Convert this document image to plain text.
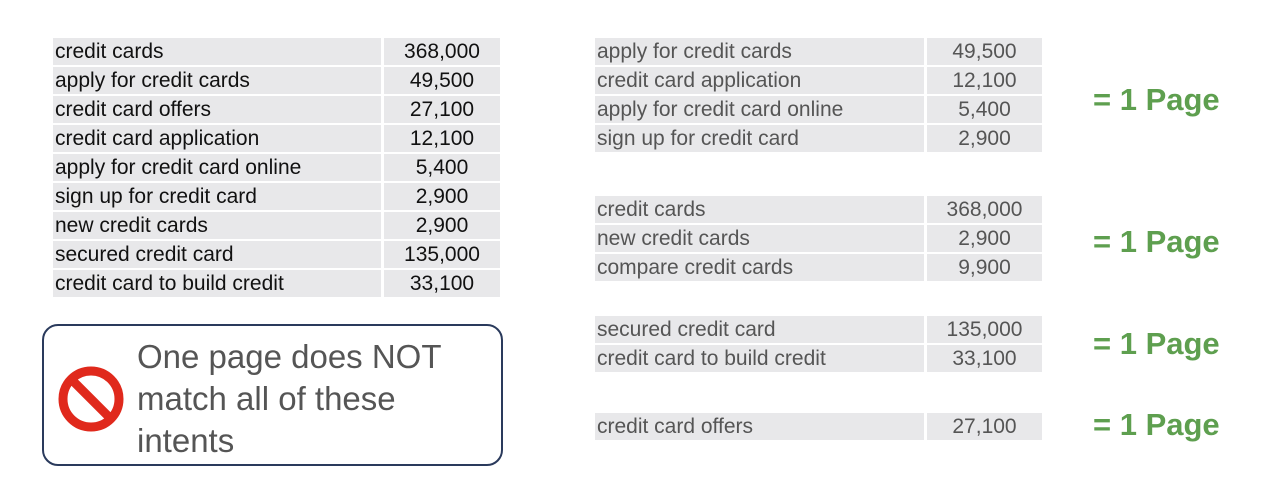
credit cards	368,000
apply for credit cards	49,500
credit card offers	27,100
credit card application	12,100
apply for credit card online	5,400
sign up for credit card	2,900
new credit cards	2,900
secured credit card	135,000
credit card to build credit	33,100
One page does NOT match all of these intents
apply for credit cards	49,500
credit card application	12,100
apply for credit card online	5,400
sign up for credit card	2,900
= 1 Page
credit cards	368,000
new credit cards	2,900
compare credit cards	9,900
= 1 Page
secured credit card	135,000
credit card to build credit	33,100 = 1 Page
credit card offers	27,100 = 1 Page
